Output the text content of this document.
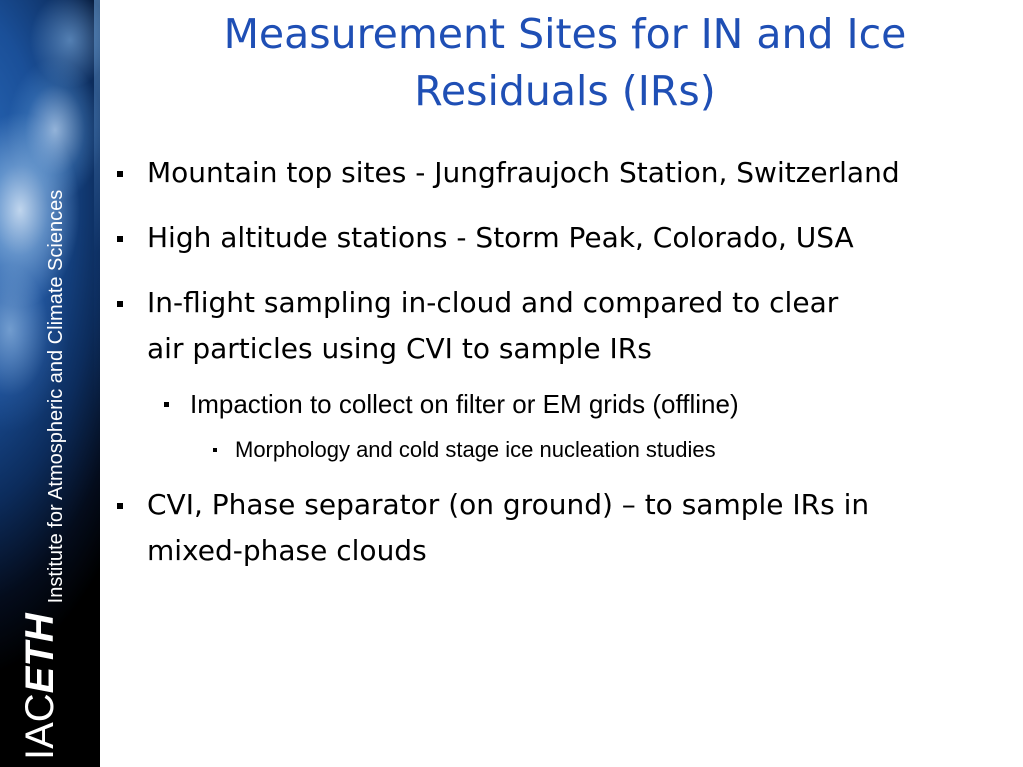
IACETH
Institute for Atmospheric and Climate Sciences
Measurement Sites for IN and Ice
Residuals (IRs)
Mountain top sites - Jungfraujoch Station, Switzerland
High altitude stations - Storm Peak, Colorado, USA
In-flight sampling in-cloud and compared to clear
air particles using CVI to sample IRs
Impaction to collect on filter or EM grids (offline)
Morphology and cold stage ice nucleation studies
CVI, Phase separator (on ground) – to sample IRs in
mixed-phase clouds
